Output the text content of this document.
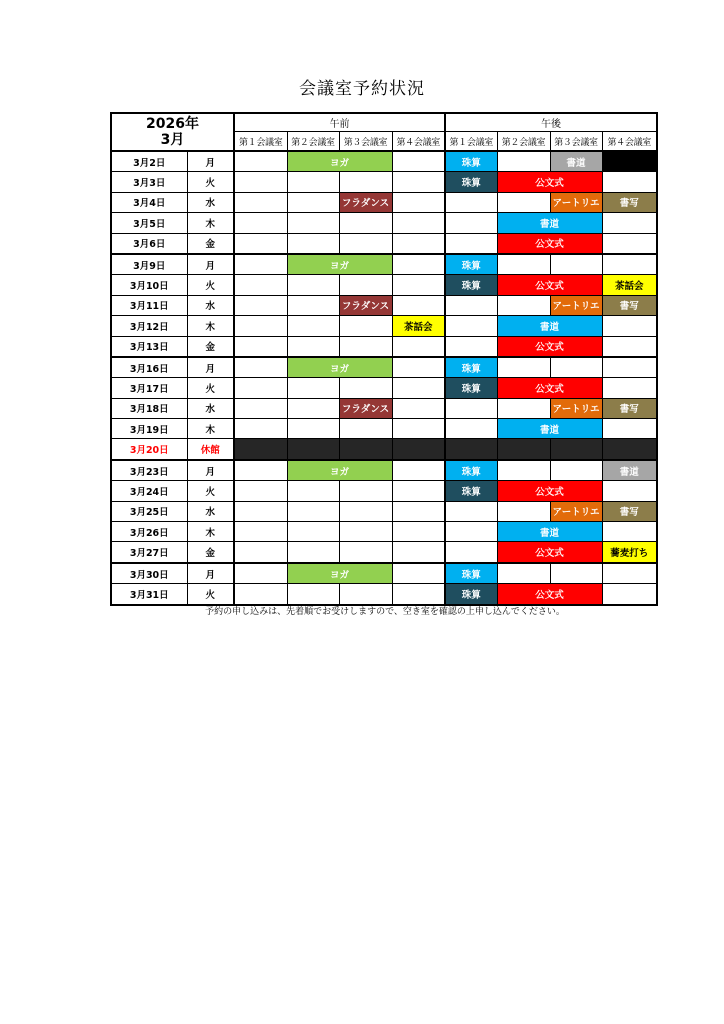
会議室予約状況
2026年
3月		午前				午後			
		第１会議室	第２会議室	第３会議室	第４会議室	第１会議室	第２会議室	第３会議室	第４会議室
3月2日	月		ヨガ			珠算		書道	
3月3日	火					珠算	公文式		
3月4日	水			フラダンス				アートリエ	書写
3月5日	木						書道		
3月6日	金						公文式		
3月9日	月		ヨガ			珠算			
3月10日	火					珠算	公文式		茶話会
3月11日	水			フラダンス				アートリエ	書写
3月12日	木				茶話会		書道		
3月13日	金						公文式		
3月16日	月		ヨガ			珠算			
3月17日	火					珠算	公文式		
3月18日	水			フラダンス				アートリエ	書写
3月19日	木						書道		
3月20日	休館								
3月23日	月		ヨガ			珠算			書道
3月24日	火					珠算	公文式		
3月25日	水							アートリエ	書写
3月26日	木						書道		
3月27日	金						公文式		蕎麦打ち
3月30日	月		ヨガ			珠算			
3月31日	火					珠算	公文式		
予約の申し込みは、先着順でお受けしますので、空き室を確認の上申し込んでください。
